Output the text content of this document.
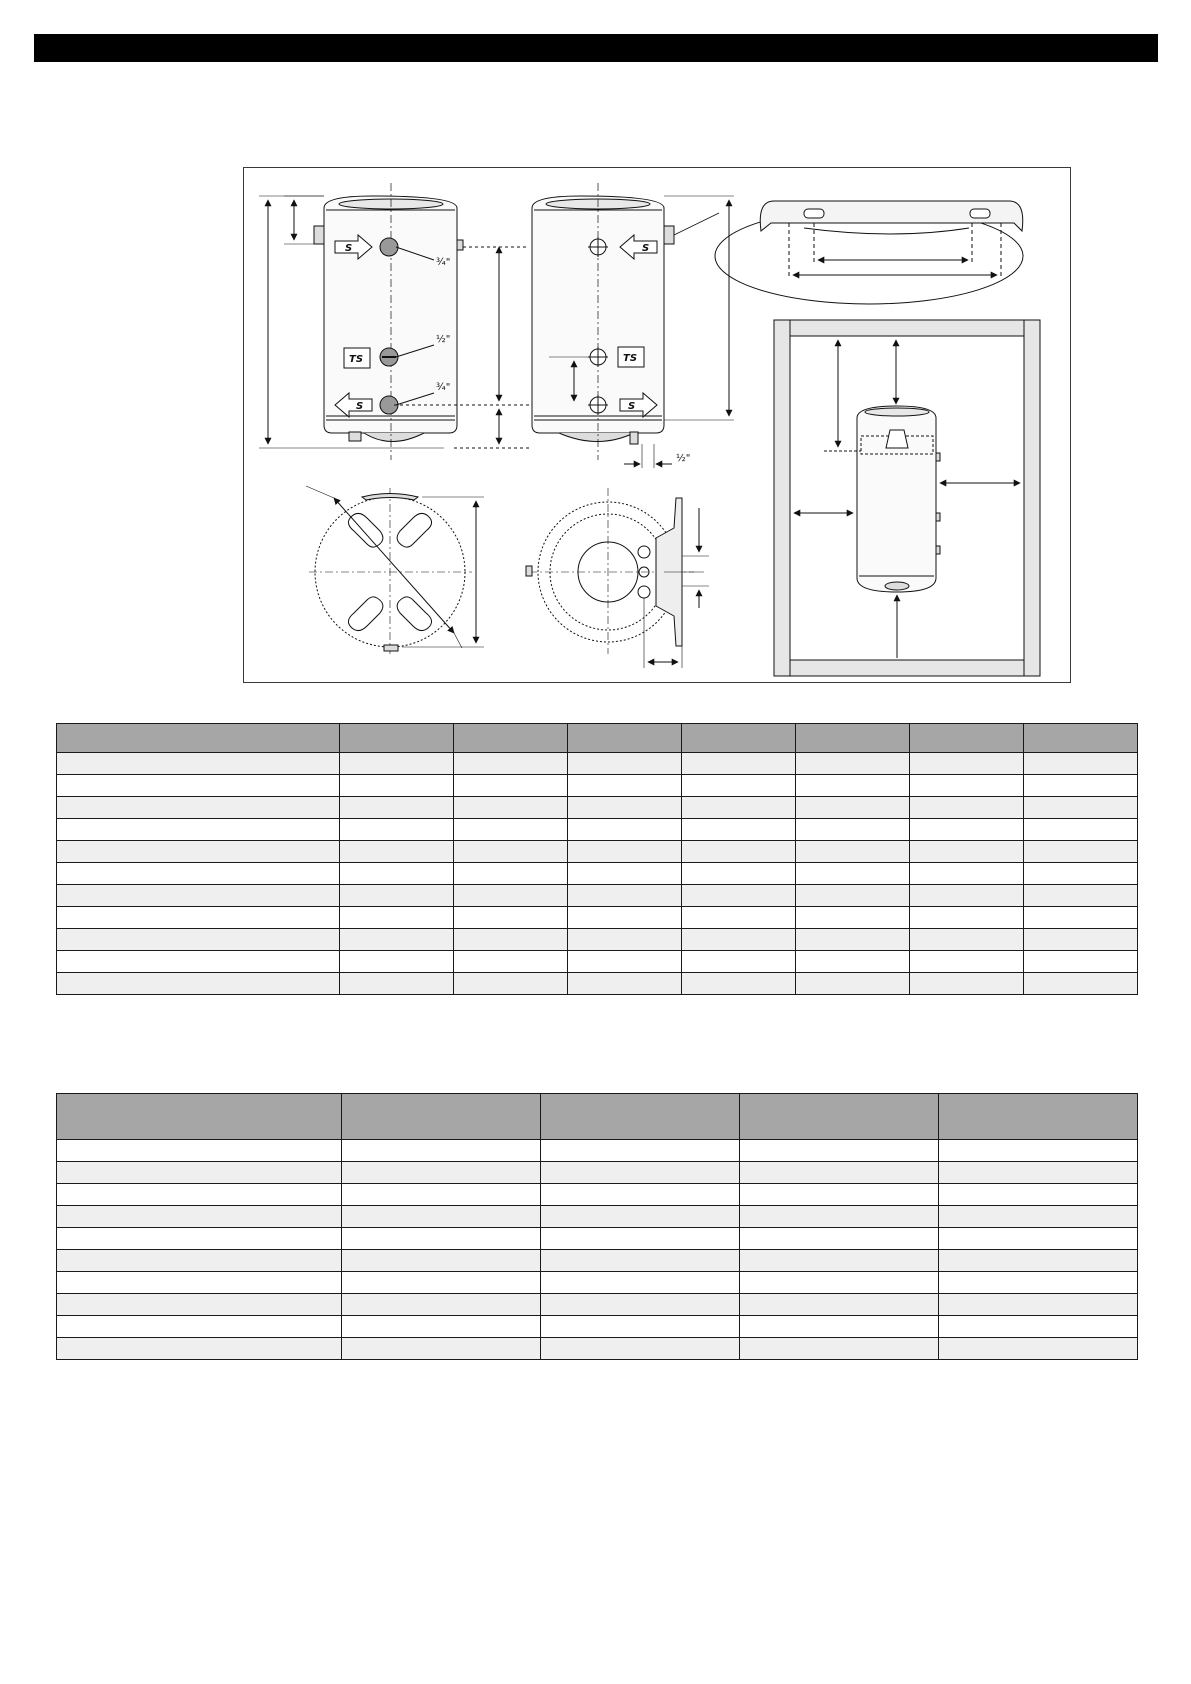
S
S
TS
¾"
½"
¾"
S
S
TS
½"
